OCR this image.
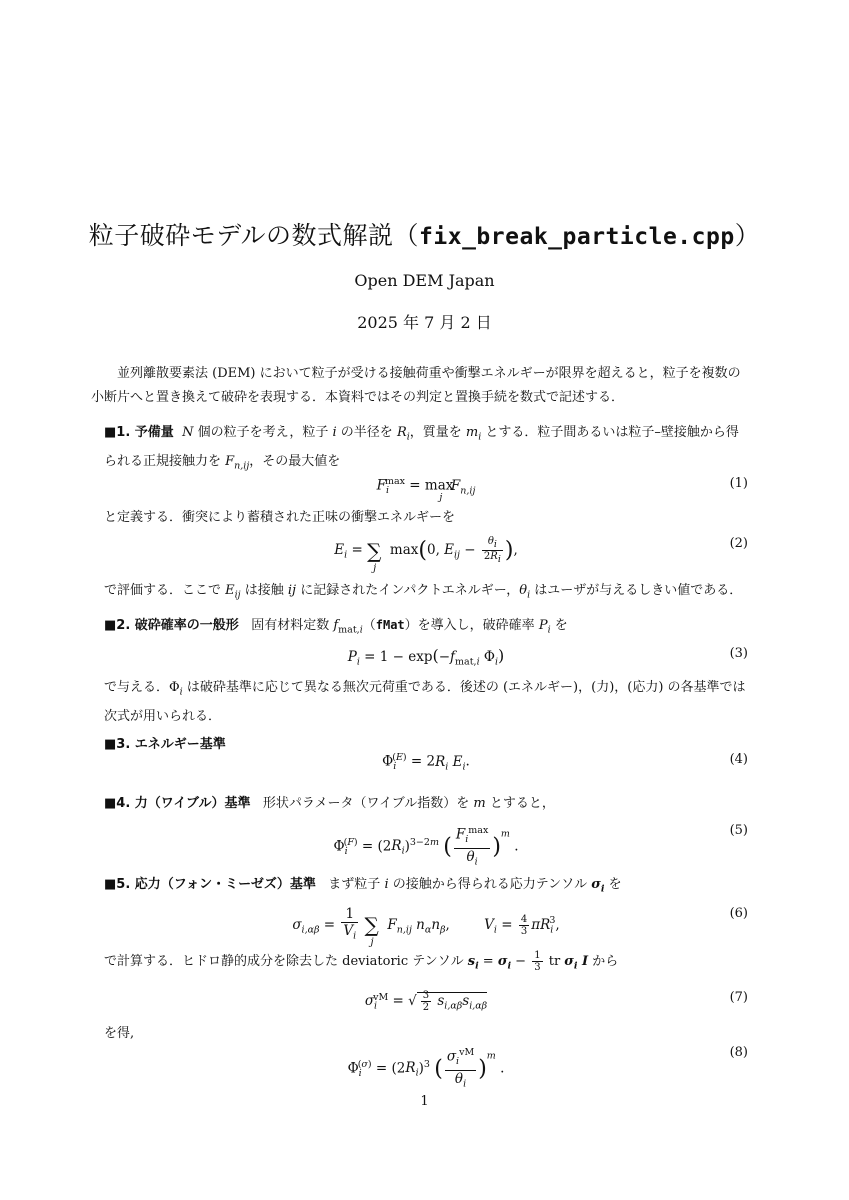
粒子破砕モデルの数式解説（fix_break_particle.cpp）
Open DEM Japan
2025 年 7 月 2 日
並列離散要素法 (DEM) において粒子が受ける接触荷重や衝撃エネルギーが限界を超えると，粒子を複数の
小断片へと置き換えて破砕を表現する．本資料ではその判定と置換手続を数式で記述する．
■1. 予備量 N 個の粒子を考え，粒子 i の半径を $R_i$，質量を $m_i$ とする．粒子間あるいは粒子–壁接触から得られる正規接触力を $F_{n,ij}$，その最大値を
$F_i^{max} = \max_j F_{n,ij}$	(1)
と定義する．衝突により蓄積された正味の衝撃エネルギーを
$E_i$ = ∑
j
max(0, $E_{ij} - \frac{\theta_i}{2R_i}$ ),	(2)
で評価する．ここで $E_{ij}$ は接触 ij に記録されたインパクトエネルギー，$\theta_i$ はユーザが与えるしきい値である．
■2. 破砕確率の一般形 固有材料定数 $f_{mat,i}(fMat)$を導入し，破砕確率 $P_i$ を
$P_i = 1 - \exp(-f_{mat,i}$ $\Phi_i$)	(3)
で与える．$\Phi_i$ は破砕基準に応じて異なる無次元荷重である．後述の (エネルギー)，(力)，(応力) の各基準では次式が用いられる．
■3. エネルギー基準
$\Phi_i^{(E)} = 2R_i$ $E_i$.	(4)
■4. 力（ワイブル）基準 形状パラメータ（ワイブル指数）を m とすると，
$\Phi_i^{(F)} = (2R_i)^{3-2m}$ ( $\frac{F_i^{max}}{\theta_i} )^m$ .
(5)
■5. 応力（フォン・ミーゼズ）基準 まず粒子 i の接触から得られる応力テンソル $\sigma_i$ を
$\sigma_{i,\alpha\beta} = \frac{1}{V_i}$ ∑
j
$F_{n,ij}$ $n_\alpha n_\beta$,        $V_i = \frac{4}{3} \pi R_i^3$,
(6)
で計算する．ヒドロ静的成分を除去した deviatoric テンソル $s_i = \sigma_i - \frac{1}{3}$ tr $\sigma_i$ I から
$\sigma_i^{vM}$ = √ $\frac{3}{2} s_{i,\alpha\beta}s_{i,\alpha\beta}$
(7)
を得,
$\Phi_i^{(\sigma)} = (2R_i)^3$ ( $\frac{\sigma_i^{vM}}{\theta_i} )^m$ .
(8)
1
